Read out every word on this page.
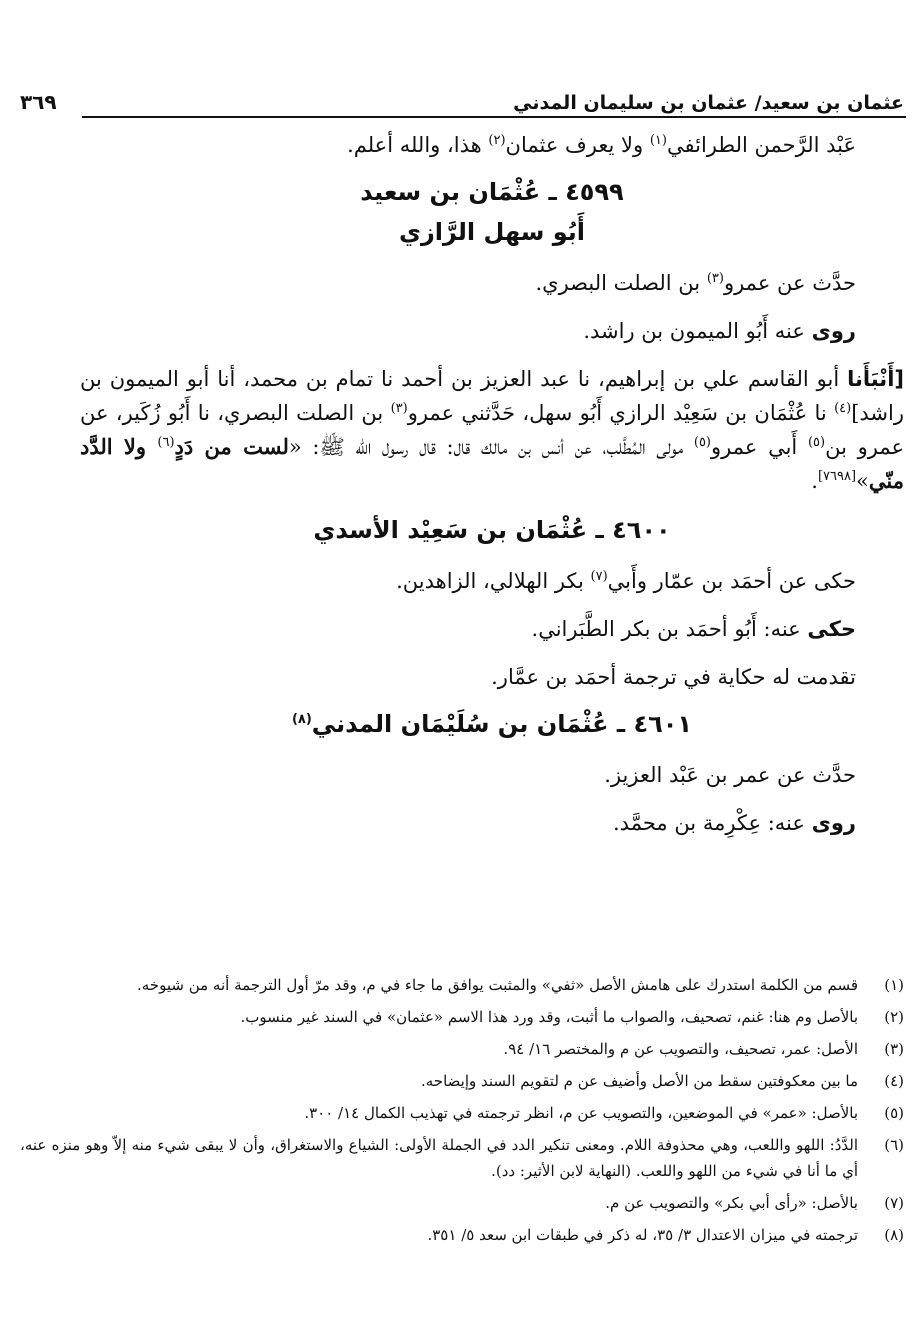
عثمان بن سعيد/ عثمان بن سليمان المدني
٣٦٩

عَبْد الرَّحمن الطرائفي$^{(١)}$ ولا يعرف عثمان$^{(٢)}$ هذا، والله أعلم.

٤٥٩٩ ـ عُثْمَان بن سعيد

أَبُو سهل الرَّازي

حدَّث عن عمرو$^{(٣)}$ بن الصلت البصري.

روى عنه أَبُو الميمون بن راشد.

[أَنْبَأَنا أبو القاسم علي بن إبراهيم، نا عبد العزيز بن أحمد نا تمام بن محمد، أنا أبو الميمون بن راشد]$^{(٤)}$ نا عُثْمَان بن سَعِيْد الرازي أَبُو سهل، حَدَّثني عمرو$^{(٣)}$ بن الصلت البصري، نا أَبُو زُكَير، عن عمرو بن$^{(٥)}$ أَبي عمرو$^{(٥)}$ مولى المُطَّلب، عن أنس بن مالك قال: قال رسول الله ﷺ: «لست من دَدٍ$^{(٦)}$ ولا الدَّد منّي»[٧٦٩٨].

٤٦٠٠ ـ عُثْمَان بن سَعِيْد الأسدي

حكى عن أحمَد بن عمّار وأَبي$^{(٧)}$ بكر الهلالي، الزاهدين.

حكى عنه: أَبُو أحمَد بن بكر الطَّبَراني.

تقدمت له حكاية في ترجمة أحمَد بن عمَّار.

٤٦٠١ ـ عُثْمَان بن سُلَيْمَان المدني$^{(٨)}$

حدَّث عن عمر بن عَبْد العزيز.

روى عنه: عِكْرِمة بن محمَّد.

(١)
قسم من الكلمة استدرك على هامش الأصل «ثفي» والمثبت يوافق ما جاء في م، وقد مرّ أول الترجمة أنه من شيوخه.
(٢)
بالأصل وم هنا: غنم، تصحيف، والصواب ما أثبت، وقد ورد هذا الاسم «عثمان» في السند غير منسوب.
(٣)
الأصل: عمر، تصحيف، والتصويب عن م والمختصر ١٦/ ٩٤.
(٤)
ما بين معكوفتين سقط من الأصل وأضيف عن م لتقويم السند وإيضاحه.
(٥)
بالأصل: «عمر» في الموضعين، والتصويب عن م، انظر ترجمته في تهذيب الكمال ١٤/ ٣٠٠.
(٦)
الدَّدُ: اللهو واللعب، وهي محذوفة اللام. ومعنى تنكير الدد في الجملة الأولى: الشياع والاستغراق، وأن لا يبقى شيء منه إلاّ وهو منزه عنه، أي ما أنا في شيء من اللهو واللعب. (النهاية لابن الأثير: دد).
(٧)
بالأصل: «رأى أبي بكر» والتصويب عن م.
(٨)
ترجمته في ميزان الاعتدال ٣/ ٣٥، له ذكر في طبقات ابن سعد ٥/ ٣٥١.
